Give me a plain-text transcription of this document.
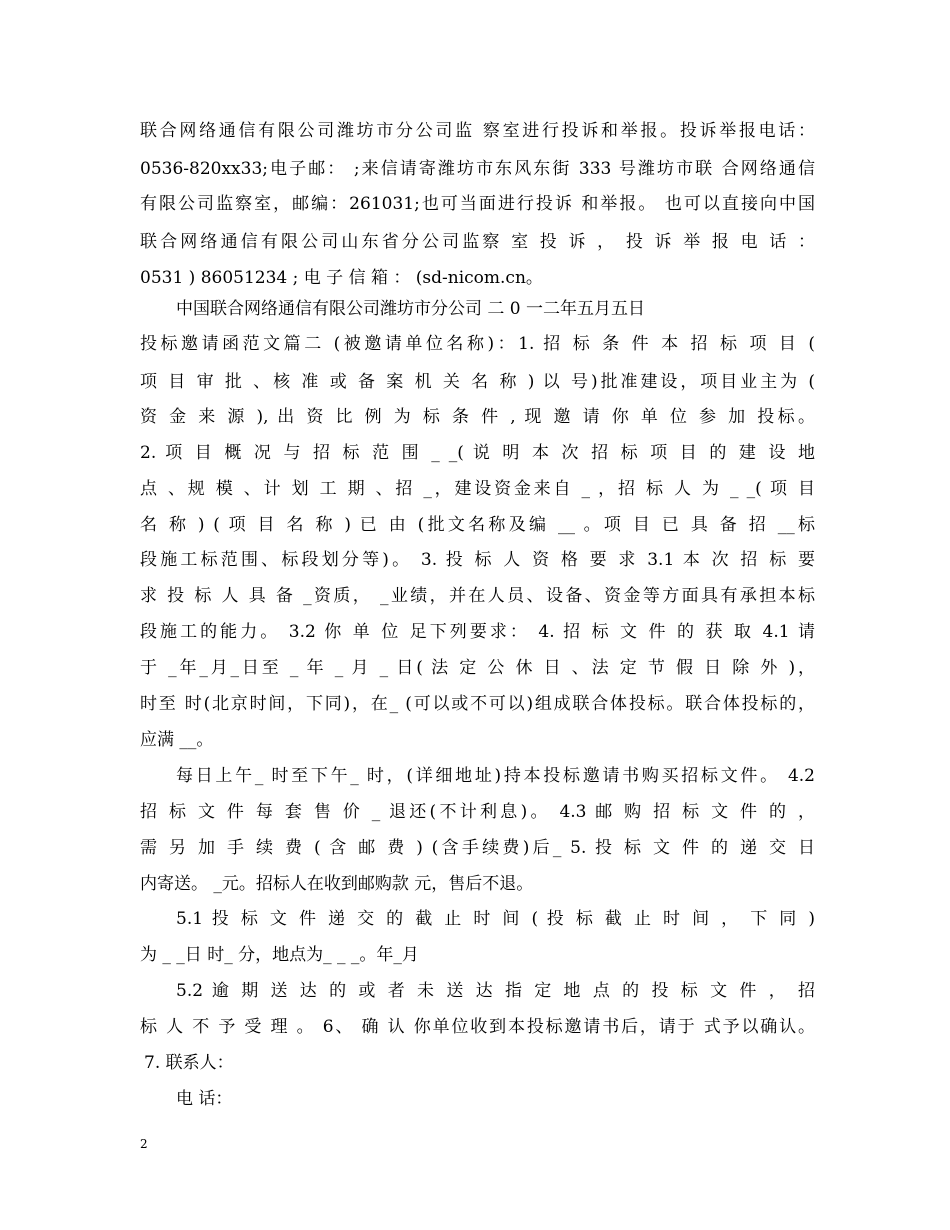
联合网络通信有限公司潍坊市分公司监 察室进行投诉和举报。投诉举报电话：
0536-820xx33;电子邮： ;来信请寄潍坊市东风东街 333 号潍坊市联 合网络通信
有限公司监察室，邮编：261031;也可当面进行投诉 和举报。 也可以直接向中国
联合网络通信有限公司山东省分公司监察 室 投 诉 ， 投 诉 举 报 电 话 ：
0531 ) 86051234 ; 电 子 信 箱 ： (sd-nicom.cn。
中国联合网络通信有限公司潍坊市分公司 二 0 一二年五月五日
投标邀请函范文篇二 (被邀请单位名称)：1. 招 标 条 件 本 招 标 项 目 (
项 目 审 批 、核 准 或 备 案 机 关 名 称 ) 以 号)批准建设，项目业主为 (
资 金 来 源 ), 出 资 比 例 为 标 条 件 , 现 邀 请 你 单 位 参 加 投标。
2. 项 目 概 况 与 招 标 范 围 _ _( 说 明 本 次 招 标 项 目 的 建 设 地
点 、规 模 、计 划 工 期 、招 _，建设资金来自 _ ，招 标 人 为 _ _( 项 目
名 称 ) ( 项 目 名 称 ) 已 由 (批文名称及编 __ 。项 目 已 具 备 招 __标
段施工标范围、标段划分等)。 3. 投 标 人 资 格 要 求 3.1 本 次 招 标 要
求 投 标 人 具 备 _资质， _业绩，并在人员、设备、资金等方面具有承担本标
段施工的能力。 3.2 你 单 位 足下列要求： 4. 招 标 文 件 的 获 取 4.1 请
于 _年_月_日至 _ 年 _ 月 _ 日( 法 定 公 休 日 、法 定 节 假 日 除 外 )，
时至 时(北京时间，下同)，在_ (可以或不可以)组成联合体投标。联合体投标的，
应满 __。
每日上午_ 时至下午_ 时，(详细地址)持本投标邀请书购买招标文件。 4.2
招 标 文 件 每 套 售 价 _ 退还(不计利息)。 4.3 邮 购 招 标 文 件 的 ，
需 另 加 手 续 费 ( 含 邮 费 ) (含手续费)后_ 5. 投 标 文 件 的 递 交 日
内寄送。 _元。招标人在收到邮购款 元，售后不退。
5.1 投 标 文 件 递 交 的 截 止 时 间 ( 投 标 截 止 时 间 ， 下 同 )
为 _ _日 时_ 分，地点为_ _ _。年_月
5.2 逾 期 送 达 的 或 者 未 送 达 指 定 地 点 的 投 标 文 件 ， 招
标 人 不 予 受 理 。 6、 确 认 你单位收到本投标邀请书后，请于 式予以确认。
7. 联系人：
电 话：
2
